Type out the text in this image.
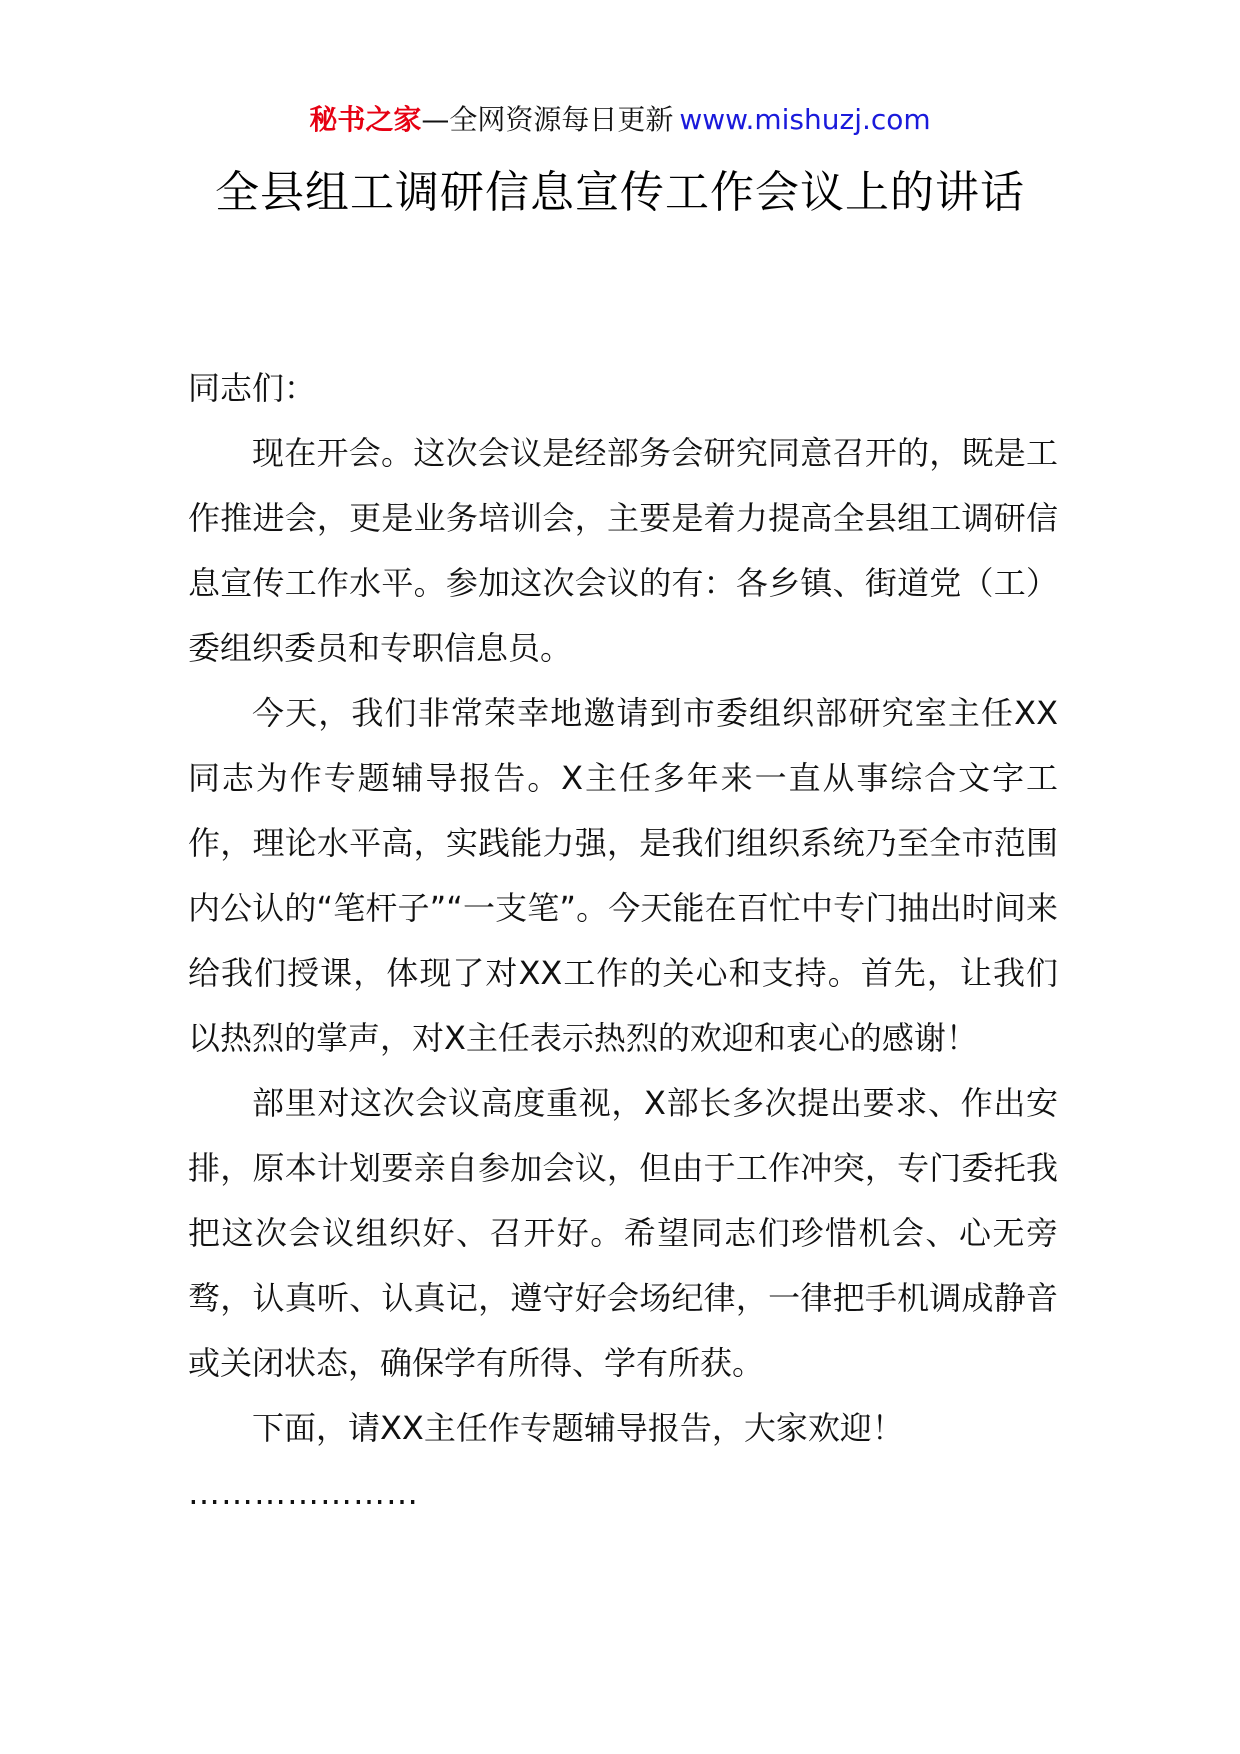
秘书之家—全网资源每日更新 www.mishuzj.com
全县组工调研信息宣传工作会议上的讲话

同志们：

现在开会。这次会议是经部务会研究同意召开的，既是工作推进会，更是业务培训会，主要是着力提高全县组工调研信息宣传工作水平。参加这次会议的有：各乡镇、街道党（工）委组织委员和专职信息员。

今天，我们非常荣幸地邀请到市委组织部研究室主任XX同志为作专题辅导报告。X主任多年来一直从事综合文字工作，理论水平高，实践能力强，是我们组织系统乃至全市范围内公认的“笔杆子”“一支笔”。今天能在百忙中专门抽出时间来给我们授课，体现了对XX工作的关心和支持。首先，让我们以热烈的掌声，对X主任表示热烈的欢迎和衷心的感谢！

部里对这次会议高度重视，X部长多次提出要求、作出安排，原本计划要亲自参加会议，但由于工作冲突，专门委托我把这次会议组织好、召开好。希望同志们珍惜机会、心无旁骛，认真听、认真记，遵守好会场纪律，一律把手机调成静音或关闭状态，确保学有所得、学有所获。

下面，请XX主任作专题辅导报告，大家欢迎！

…………………
